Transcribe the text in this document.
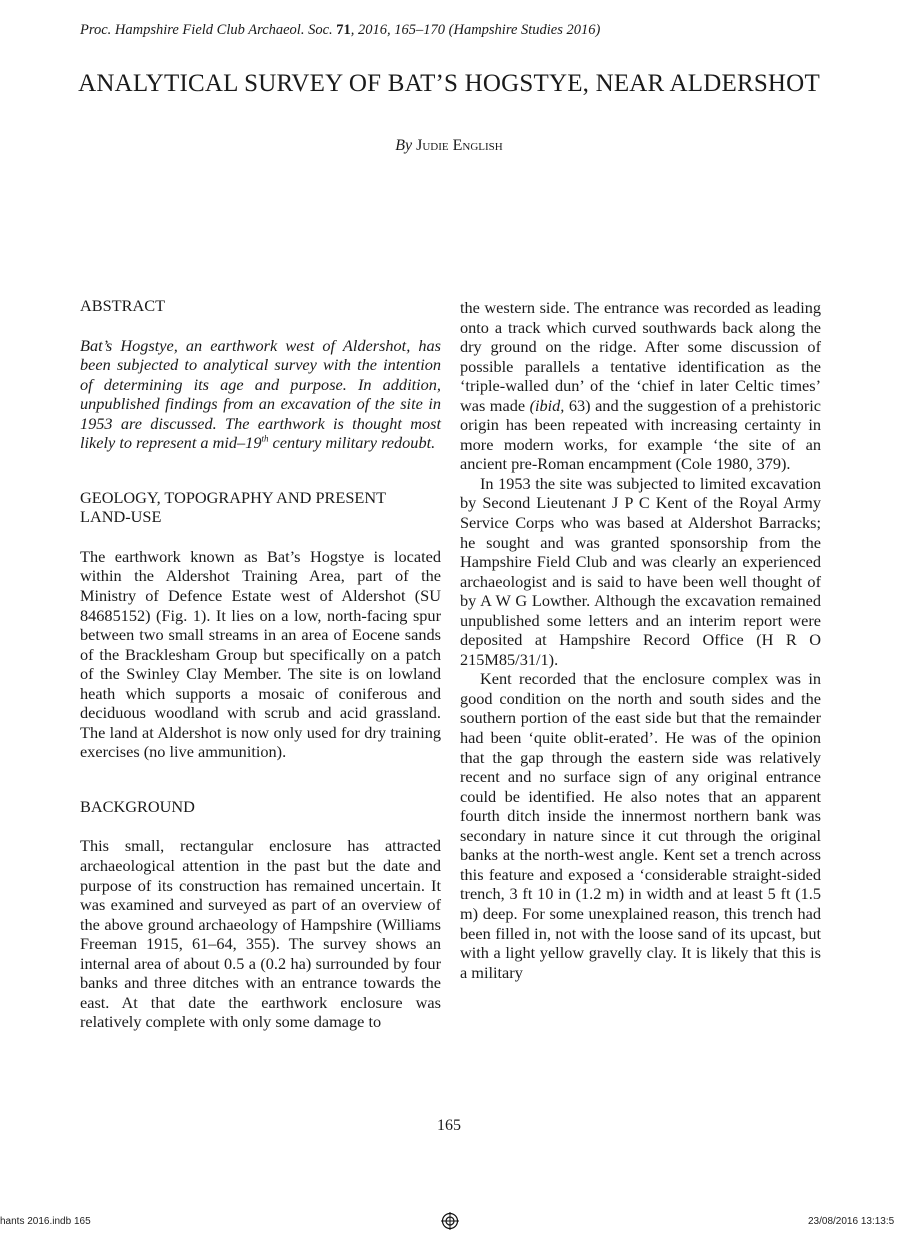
Proc. Hampshire Field Club Archaeol. Soc. 71, 2016, 165–170 (Hampshire Studies 2016)
ANALYTICAL SURVEY OF BAT’S HOGSTYE, NEAR ALDERSHOT
By Judie English

ABSTRACT

Bat’s Hogstye, an earthwork west of Aldershot, has been subjected to analytical survey with the intention of determining its age and purpose. In addition, unpublished findings from an excavation of the site in 1953 are discussed. The earthwork is thought most likely to represent a mid–19th century military redoubt.

GEOLOGY, TOPOGRAPHY AND PRESENT
LAND-USE

The earthwork known as Bat’s Hogstye is located within the Aldershot Training Area, part of the Ministry of Defence Estate west of Aldershot (SU 84685152) (Fig. 1). It lies on a low, north-facing spur between two small streams in an area of Eocene sands of the Bracklesham Group but specifically on a patch of the Swinley Clay Member. The site is on lowland heath which supports a mosaic of coniferous and deciduous woodland with scrub and acid grassland. The land at Aldershot is now only used for dry training exercises (no live ammunition).

BACKGROUND

This small, rectangular enclosure has attracted archaeological attention in the past but the date and purpose of its construction has remained uncertain. It was examined and surveyed as part of an overview of the above ground archaeology of Hampshire (Williams Freeman 1915, 61–64, 355). The survey shows an internal area of about 0.5 a (0.2 ha) surrounded by four banks and three ditches with an entrance towards the east. At that date the earthwork enclosure was relatively complete with only some damage to

the western side. The entrance was recorded as leading onto a track which curved southwards back along the dry ground on the ridge. After some discussion of possible parallels a tentative identification as the ‘triple-walled dun’ of the ‘chief in later Celtic times’ was made (ibid, 63) and the suggestion of a prehistoric origin has been repeated with increasing certainty in more modern works, for example ‘the site of an ancient pre-Roman encampment (Cole 1980, 379).

In 1953 the site was subjected to limited excavation by Second Lieutenant J P C Kent of the Royal Army Service Corps who was based at Aldershot Barracks; he sought and was granted sponsorship from the Hampshire Field Club and was clearly an experienced archaeologist and is said to have been well thought of by A W G Lowther. Although the excavation remained unpublished some letters and an interim report were deposited at Hampshire Record Office (H R O 215M85/31/1).

Kent recorded that the enclosure complex was in good condition on the north and south sides and the southern portion of the east side but that the remainder had been ‘quite oblit-erated’. He was of the opinion that the gap through the eastern side was relatively recent and no surface sign of any original entrance could be identified. He also notes that an apparent fourth ditch inside the innermost northern bank was secondary in nature since it cut through the original banks at the north-west angle. Kent set a trench across this feature and exposed a ‘considerable straight-sided trench, 3 ft 10 in (1.2 m) in width and at least 5 ft (1.5 m) deep. For some unexplained reason, this trench had been filled in, not with the loose sand of its upcast, but with a light yellow gravelly clay. It is likely that this is a military

165
hants 2016.indb 165	23/08/2016 13:13:5
